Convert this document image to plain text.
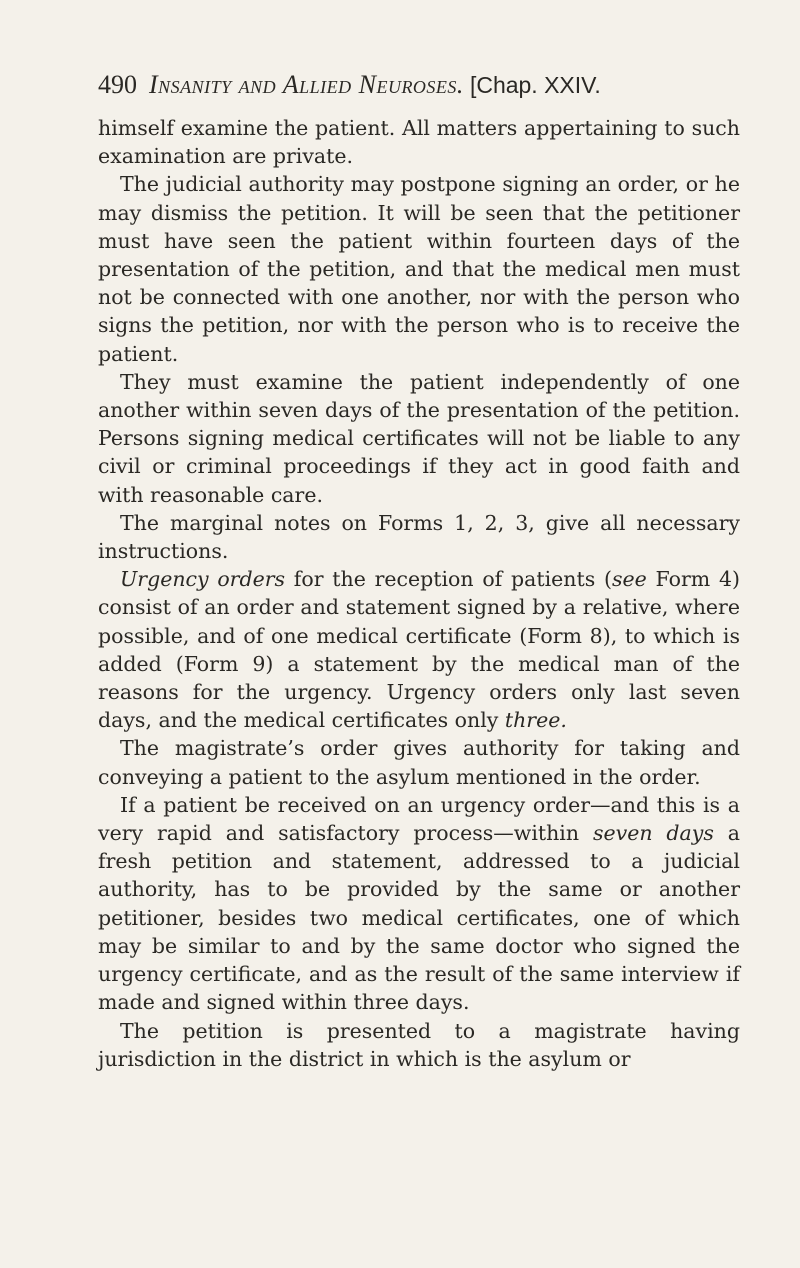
490 Insanity and Allied Neuroses. [Chap. XXIV.

himself examine the patient. All matters appertaining to such examination are private.

The judicial authority may postpone signing an order, or he may dismiss the petition. It will be seen that the petitioner must have seen the patient within fourteen days of the presentation of the petition, and that the medical men must not be connected with one another, nor with the person who signs the petition, nor with the person who is to receive the patient.

They must examine the patient independently of one another within seven days of the presentation of the petition. Persons signing medical certificates will not be liable to any civil or criminal proceedings if they act in good faith and with reasonable care.

The marginal notes on Forms 1, 2, 3, give all necessary instructions.

Urgency orders for the reception of patients (see Form 4) consist of an order and statement signed by a relative, where possible, and of one medical certificate (Form 8), to which is added (Form 9) a statement by the medical man of the reasons for the urgency. Urgency orders only last seven days, and the medical certificates only three.

The magistrate’s order gives authority for taking and conveying a patient to the asylum mentioned in the order.

If a patient be received on an urgency order—and this is a very rapid and satisfactory process—within seven days a fresh petition and statement, addressed to a judicial authority, has to be provided by the same or another petitioner, besides two medical certificates, one of which may be similar to and by the same doctor who signed the urgency certificate, and as the result of the same interview if made and signed within three days.

The petition is presented to a magistrate having jurisdiction in the district in which is the asylum or
